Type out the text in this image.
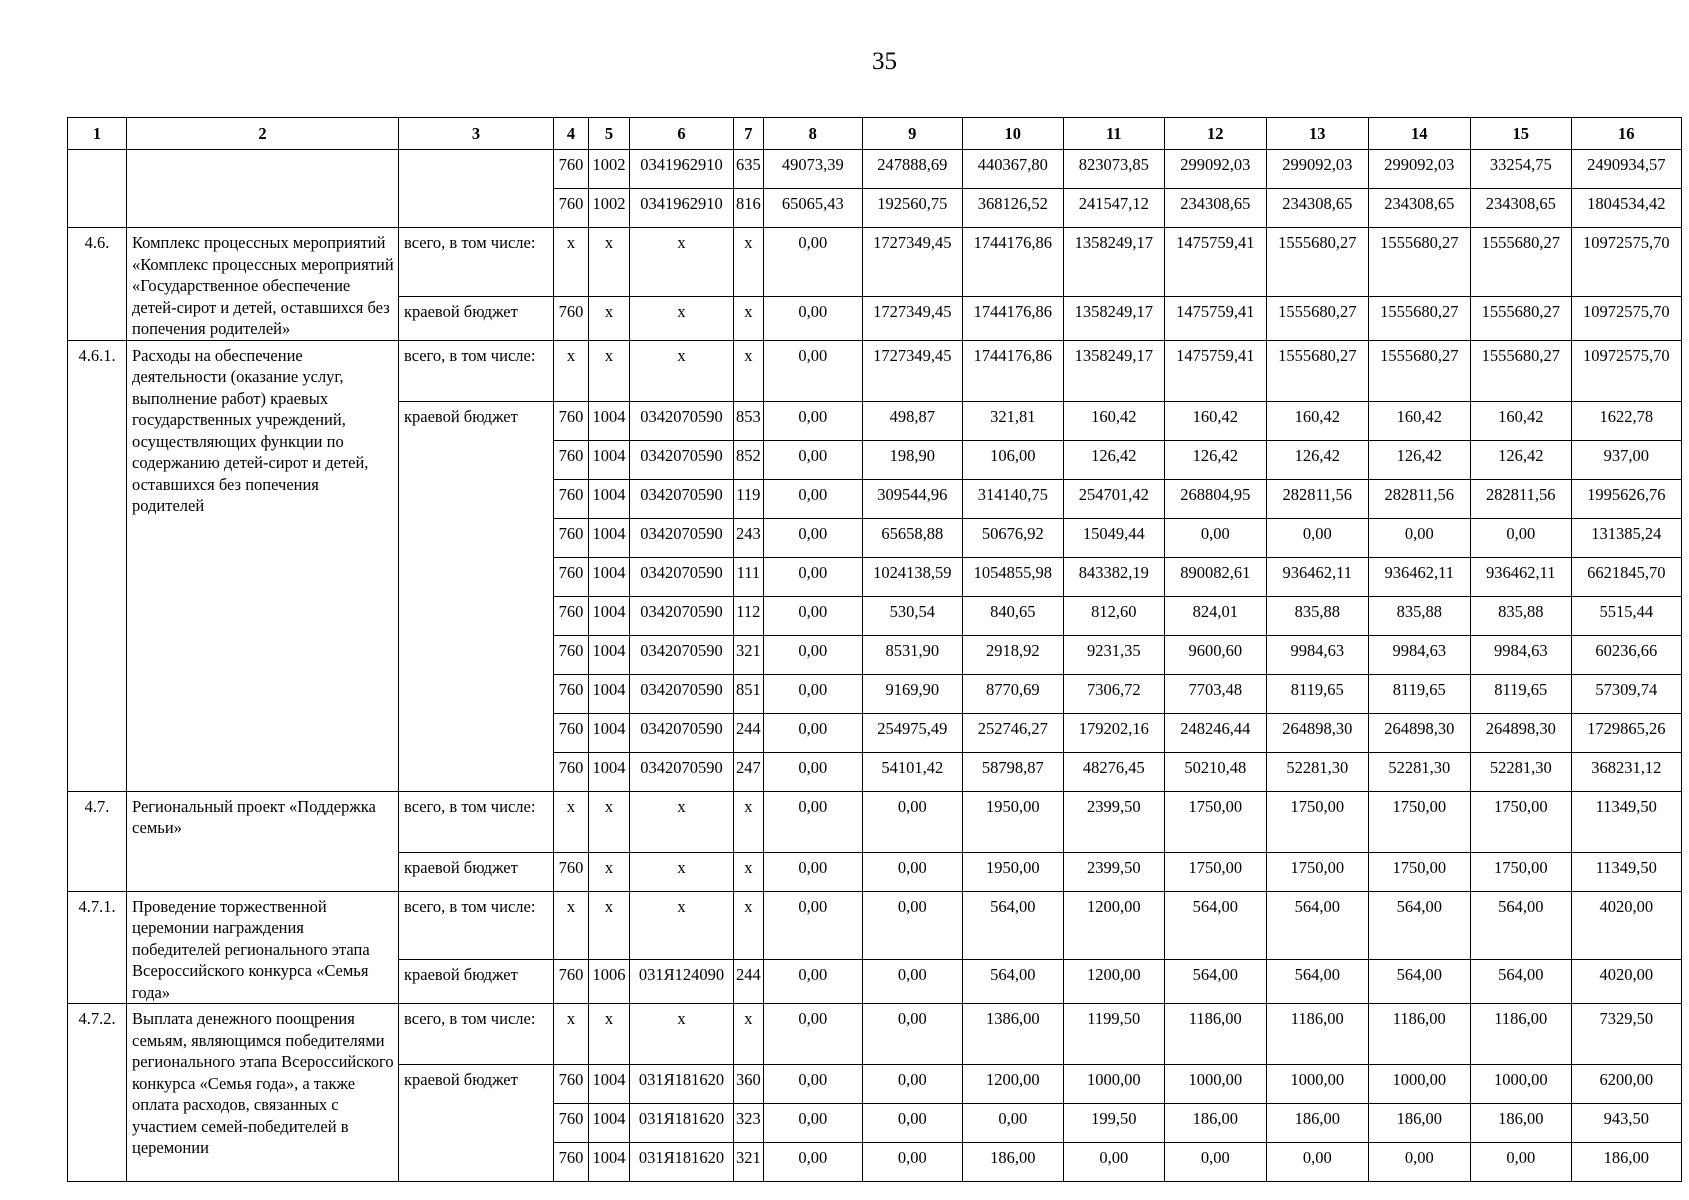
35
1	2	3	4	5	6	7	8	9	10	11	12	13	14	15	16
			760	1002	0341962910	635	49073,39	247888,69	440367,80	823073,85	299092,03	299092,03	299092,03	33254,75	2490934,57
			760	1002	0341962910	816	65065,43	192560,75	368126,52	241547,12	234308,65	234308,65	234308,65	234308,65	1804534,42
4.6.	Комплекс процессных мероприятий «Комплекс процессных мероприятий «Государственное обеспечение детей-сирот и детей, оставшихся без попечения родителей»	всего, в том числе:	x	x	x	x	0,00	1727349,45	1744176,86	1358249,17	1475759,41	1555680,27	1555680,27	1555680,27	10972575,70
		краевой бюджет	760	x	x	x	0,00	1727349,45	1744176,86	1358249,17	1475759,41	1555680,27	1555680,27	1555680,27	10972575,70
4.6.1.	Расходы на обеспечение деятельности (оказание услуг, выполнение работ) краевых государственных учреждений, осуществляющих функции по содержанию детей-сирот и детей, оставшихся без попечения родителей	всего, в том числе:	x	x	x	x	0,00	1727349,45	1744176,86	1358249,17	1475759,41	1555680,27	1555680,27	1555680,27	10972575,70
		краевой бюджет	760	1004	0342070590	853	0,00	498,87	321,81	160,42	160,42	160,42	160,42	160,42	1622,78
			760	1004	0342070590	852	0,00	198,90	106,00	126,42	126,42	126,42	126,42	126,42	937,00
			760	1004	0342070590	119	0,00	309544,96	314140,75	254701,42	268804,95	282811,56	282811,56	282811,56	1995626,76
			760	1004	0342070590	243	0,00	65658,88	50676,92	15049,44	0,00	0,00	0,00	0,00	131385,24
			760	1004	0342070590	111	0,00	1024138,59	1054855,98	843382,19	890082,61	936462,11	936462,11	936462,11	6621845,70
			760	1004	0342070590	112	0,00	530,54	840,65	812,60	824,01	835,88	835,88	835,88	5515,44
			760	1004	0342070590	321	0,00	8531,90	2918,92	9231,35	9600,60	9984,63	9984,63	9984,63	60236,66
			760	1004	0342070590	851	0,00	9169,90	8770,69	7306,72	7703,48	8119,65	8119,65	8119,65	57309,74
			760	1004	0342070590	244	0,00	254975,49	252746,27	179202,16	248246,44	264898,30	264898,30	264898,30	1729865,26
			760	1004	0342070590	247	0,00	54101,42	58798,87	48276,45	50210,48	52281,30	52281,30	52281,30	368231,12
4.7.	Региональный проект «Поддержка семьи»	всего, в том числе:	x	x	x	x	0,00	0,00	1950,00	2399,50	1750,00	1750,00	1750,00	1750,00	11349,50
		краевой бюджет	760	x	x	x	0,00	0,00	1950,00	2399,50	1750,00	1750,00	1750,00	1750,00	11349,50
4.7.1.	Проведение торжественной церемонии награждения победителей регионального этапа Всероссийского конкурса «Семья года»	всего, в том числе:	x	x	x	x	0,00	0,00	564,00	1200,00	564,00	564,00	564,00	564,00	4020,00
		краевой бюджет	760	1006	031Я124090	244	0,00	0,00	564,00	1200,00	564,00	564,00	564,00	564,00	4020,00
4.7.2.	Выплата денежного поощрения семьям, являющимся победителями регионального этапа Всероссийского конкурса «Семья года», а также оплата расходов, связанных с участием семей-победителей в церемонии	всего, в том числе:	x	x	x	x	0,00	0,00	1386,00	1199,50	1186,00	1186,00	1186,00	1186,00	7329,50
		краевой бюджет	760	1004	031Я181620	360	0,00	0,00	1200,00	1000,00	1000,00	1000,00	1000,00	1000,00	6200,00
			760	1004	031Я181620	323	0,00	0,00	0,00	199,50	186,00	186,00	186,00	186,00	943,50
			760	1004	031Я181620	321	0,00	0,00	186,00	0,00	0,00	0,00	0,00	0,00	186,00
